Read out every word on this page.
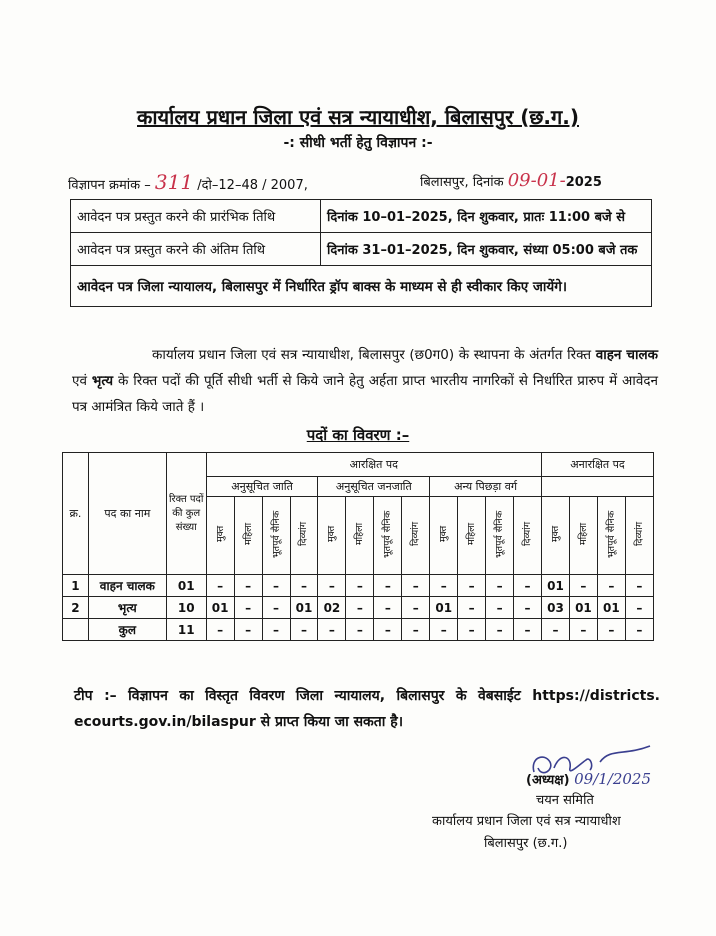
कार्यालय प्रधान जिला एवं सत्र न्यायाधीश, बिलासपुर (छ.ग.)
-: सीधी भर्ती हेतु विज्ञापन :-
विज्ञापन क्रमांक – 311 /दो–12–48 / 2007,	बिलासपुर, दिनांक 09-01-2025
आवेदन पत्र प्रस्तुत करने की प्रारंभिक तिथि	दिनांक 10–01–2025, दिन शुकवार, प्रातः 11:00 बजे से
आवेदन पत्र प्रस्तुत करने की अंतिम तिथि	दिनांक 31–01–2025, दिन शुकवार, संध्या 05:00 बजे तक
आवेदन पत्र जिला न्यायालय, बिलासपुर में निर्धारित ड्रॉप बाक्स के माध्यम से ही स्वीकार किए जायेंगे।	
कार्यालय प्रधान जिला एवं सत्र न्यायाधीश, बिलासपुर (छ0ग0) के स्थापना के अंतर्गत रिक्त वाहन चालक एवं भृत्य के रिक्त पदों की पूर्ति सीधी भर्ती से किये जाने हेतु अर्हता प्राप्त भारतीय नागरिकों से निर्धारित प्रारुप में आवेदन पत्र आमंत्रित किये जाते हैं ।
पदों का विवरण :–
क्र.	पद का नाम	रिक्त पदों की कुल संख्या	आरक्षित पद												अनारक्षित पद			
			अनुसूचित जाति				अनुसूचित जनजाति				अन्य पिछड़ा वर्ग							
			मुक्त	महिला	भूतपूर्व सैनिक	दिव्यांग	मुक्त	महिला	भूतपूर्व सैनिक	दिव्यांग	मुक्त	महिला	भूतपूर्व सैनिक	दिव्यांग	मुक्त	महिला	भूतपूर्व सैनिक	दिव्यांग
1	वाहन चालक	01	–	–	–	–	–	–	–	–	–	–	–	–	01	–	–	–
2	भृत्य	10	01	–	–	01	02	–	–	–	01	–	–	–	03	01	01	–
	कुल	11	–	–	–	–	–	–	–	–	–	–	–	–	–	–	–	–
टीप :– विज्ञापन का विस्तृत विवरण जिला न्यायालय, बिलासपुर के वेबसाईट https://districts. ecourts.gov.in/bilaspur से प्राप्त किया जा सकता है।
(अध्यक्ष) 09/1/2025
चयन समिति
कार्यालय प्रधान जिला एवं सत्र न्यायाधीश
बिलासपुर (छ.ग.)
